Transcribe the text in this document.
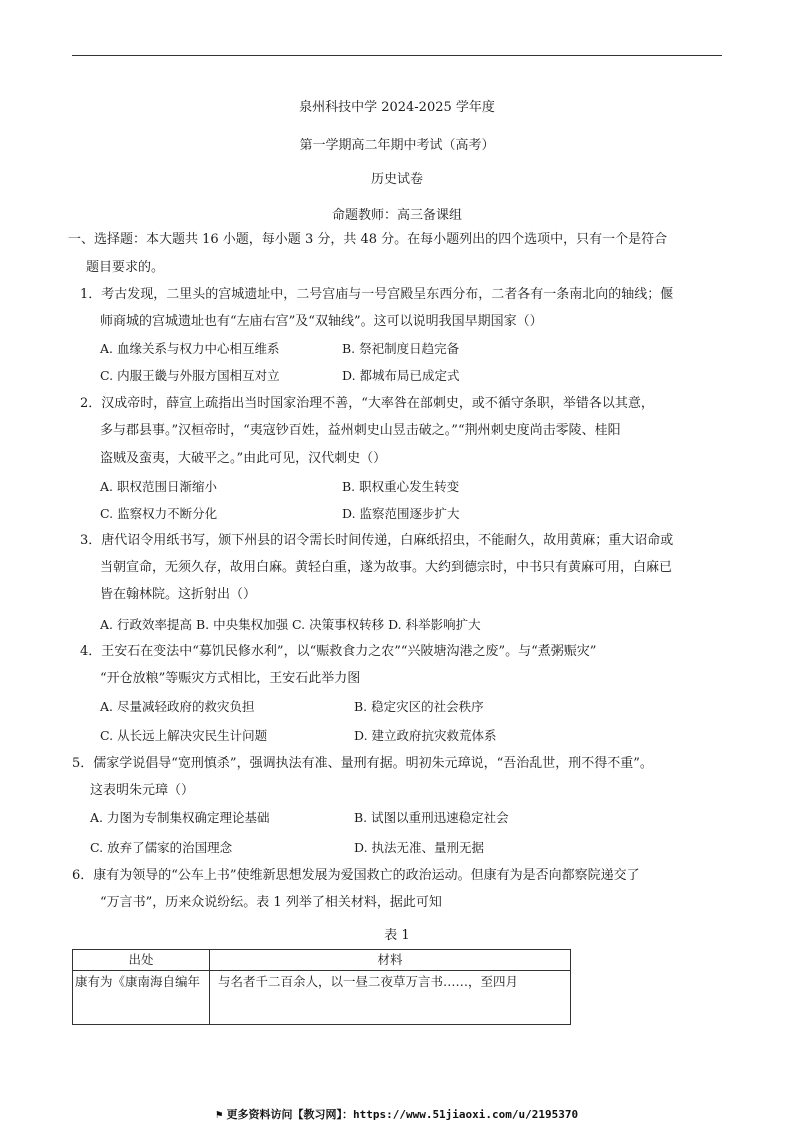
泉州科技中学 2024-2025 学年度
第一学期高二年期中考试（高考）
历史试卷
命题教师：高三备课组
一、选择题：本大题共 16 小题，每小题 3 分，共 48 分。在每小题列出的四个选项中，只有一个是符合
题目要求的。
1．考古发现，二里头的宫城遗址中，二号宫庙与一号宫殿呈东西分布，二者各有一条南北向的轴线；偃
师商城的宫城遗址也有“左庙右宫”及“双轴线”。这可以说明我国早期国家（）
A. 血缘关系与权力中心相互维系	B. 祭祀制度日趋完备
C. 内服王畿与外服方国相互对立	D. 都城布局已成定式
2．汉成帝时，薛宣上疏指出当时国家治理不善，“大率咎在部刺史，或不循守条职，举错各以其意，
多与郡县事。”汉桓帝时，“夷寇钞百姓，益州刺史山昱击破之。”“荆州刺史度尚击零陵、桂阳
盗贼及蛮夷，大破平之。”由此可见，汉代刺史（）
A. 职权范围日渐缩小	B. 职权重心发生转变
C. 监察权力不断分化	D. 监察范围逐步扩大
3．唐代诏令用纸书写，颁下州县的诏令需长时间传递，白麻纸招虫，不能耐久，故用黄麻；重大诏命或
当朝宣命，无须久存，故用白麻。黄轻白重，遂为故事。大约到德宗时，中书只有黄麻可用，白麻已
皆在翰林院。这折射出（）
A. 行政效率提高 B. 中央集权加强 C. 决策事权转移 D. 科举影响扩大
4．王安石在变法中“募饥民修水利”，以“赈救食力之农”“兴陂塘沟港之废”。与“煮粥赈灾”
“开仓放粮”等赈灾方式相比，王安石此举力图
A. 尽量减轻政府的救灾负担	B. 稳定灾区的社会秩序
C. 从长远上解决灾民生计问题	D. 建立政府抗灾救荒体系
5．儒家学说倡导“宽刑慎杀”，强调执法有准、量刑有据。明初朱元璋说，“吾治乱世，刑不得不重”。
这表明朱元璋（）
A. 力图为专制集权确定理论基础	B. 试图以重刑迅速稳定社会
C. 放弃了儒家的治国理念	D. 执法无准、量刑无据
6．康有为领导的“公车上书”使维新思想发展为爱国救亡的政治运动。但康有为是否向都察院递交了
“万言书”，历来众说纷纭。表 1 列举了相关材料，据此可知
表 1
出处	材料
康有为《康南海自编年	与名者千二百余人，以一昼二夜草万言书……，至四月
⚑ 更多资料访问【教习网】：https://www.51jiaoxi.com/u/2195370
